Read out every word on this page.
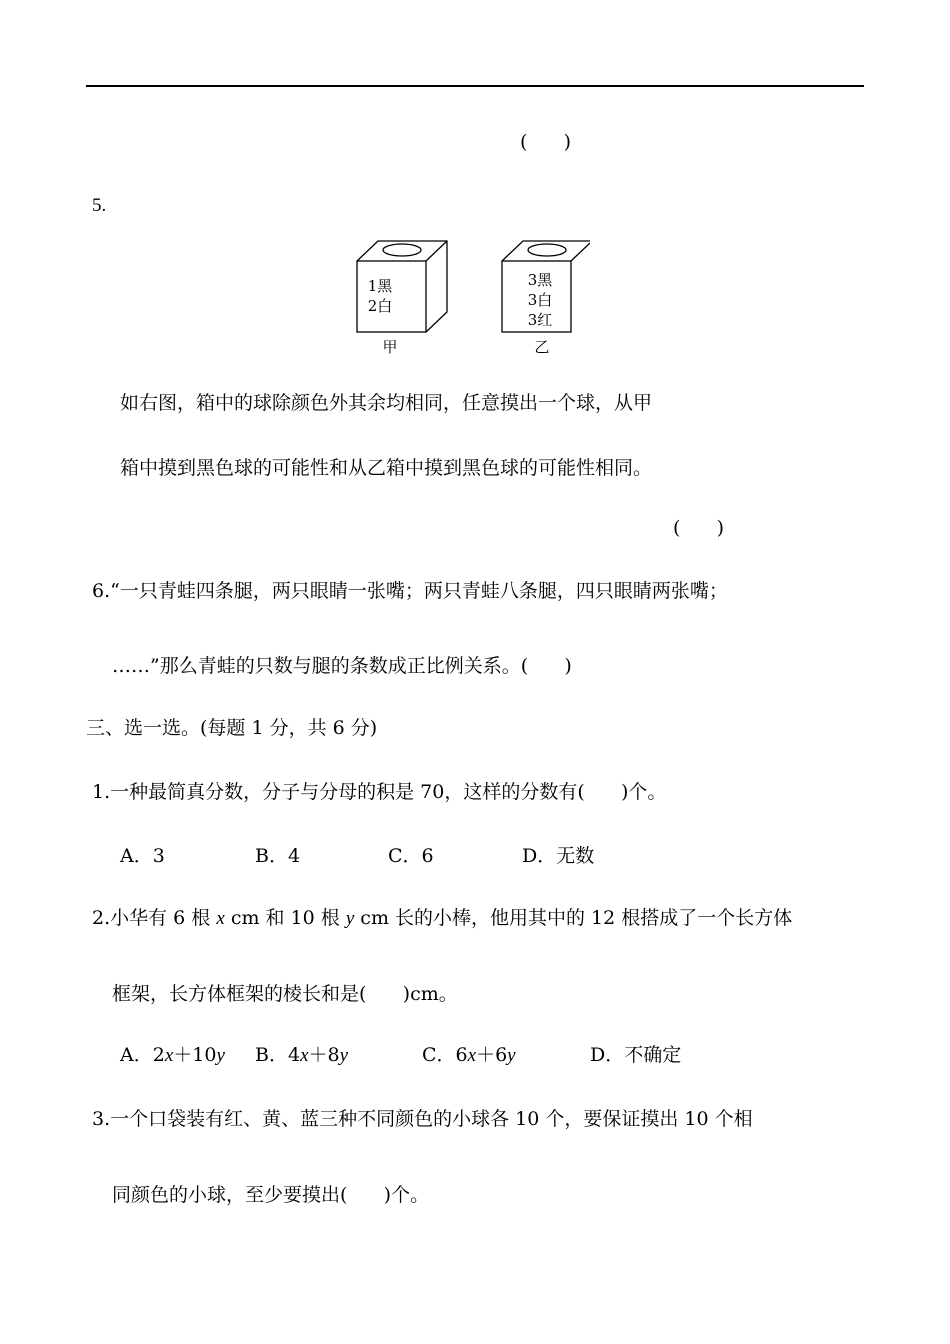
(      )
5.
1黑
2白
3黑
3白
3红
甲	乙
如右图，箱中的球除颜色外其余均相同，任意摸出一个球，从甲
箱中摸到黑色球的可能性和从乙箱中摸到黑色球的可能性相同。
(      )
6.“一只青蛙四条腿，两只眼睛一张嘴；两只青蛙八条腿，四只眼睛两张嘴；
……”那么青蛙的只数与腿的条数成正比例关系。(      )
三、选一选。(每题 1 分，共 6 分)
1.一种最简真分数，分子与分母的积是 70，这样的分数有(      )个。
A．3	B．4	C．6	D．无数
2.小华有 6 根 x cm 和 10 根 y cm 长的小棒，他用其中的 12 根搭成了一个长方体
框架，长方体框架的棱长和是(      )cm。
A．2x＋10y B．4x＋8y	C．6x＋6y	D．不确定
3.一个口袋装有红、黄、蓝三种不同颜色的小球各 10 个，要保证摸出 10 个相
同颜色的小球，至少要摸出(      )个。
